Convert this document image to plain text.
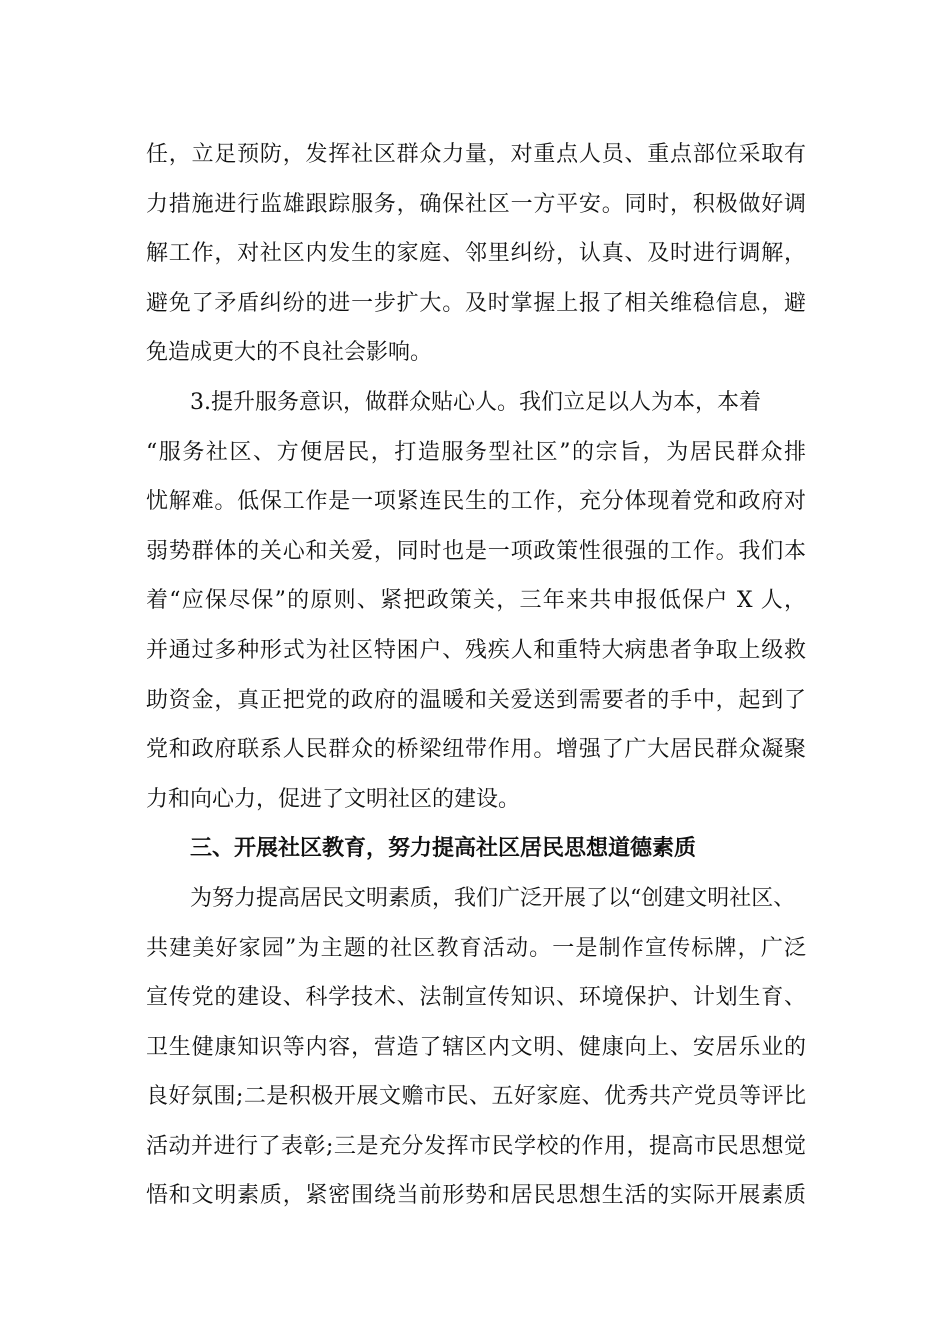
任，立足预防，发挥社区群众力量，对重点人员、重点部位采取有
力措施进行监雄跟踪服务，确保社区一方平安。同时，积极做好调
解工作，对社区内发生的家庭、邻里纠纷，认真、及时进行调解，
避免了矛盾纠纷的进一步扩大。及时掌握上报了相关维稳信息，避
免造成更大的不良社会影响。
3.提升服务意识，做群众贴心人。我们立足以人为本，本着
“服务社区、方便居民，打造服务型社区”的宗旨，为居民群众排
忧解难。低保工作是一项紧连民生的工作，充分体现着党和政府对
弱势群体的关心和关爱，同时也是一项政策性很强的工作。我们本
着“应保尽保”的原则、紧把政策关，三年来共申报低保户 X 人，
并通过多种形式为社区特困户、残疾人和重特大病患者争取上级救
助资金，真正把党的政府的温暖和关爱送到需要者的手中，起到了
党和政府联系人民群众的桥梁纽带作用。增强了广大居民群众凝聚
力和向心力，促进了文明社区的建设。
三、开展社区教育，努力提高社区居民思想道德素质
为努力提高居民文明素质，我们广泛开展了以“创建文明社区、
共建美好家园”为主题的社区教育活动。一是制作宣传标牌，广泛
宣传党的建设、科学技术、法制宣传知识、环境保护、计划生育、
卫生健康知识等内容，营造了辖区内文明、健康向上、安居乐业的
良好氛围;二是积极开展文赡市民、五好家庭、优秀共产党员等评比
活动并进行了表彰;三是充分发挥市民学校的作用，提高市民思想觉
悟和文明素质，紧密围绕当前形势和居民思想生活的实际开展素质
